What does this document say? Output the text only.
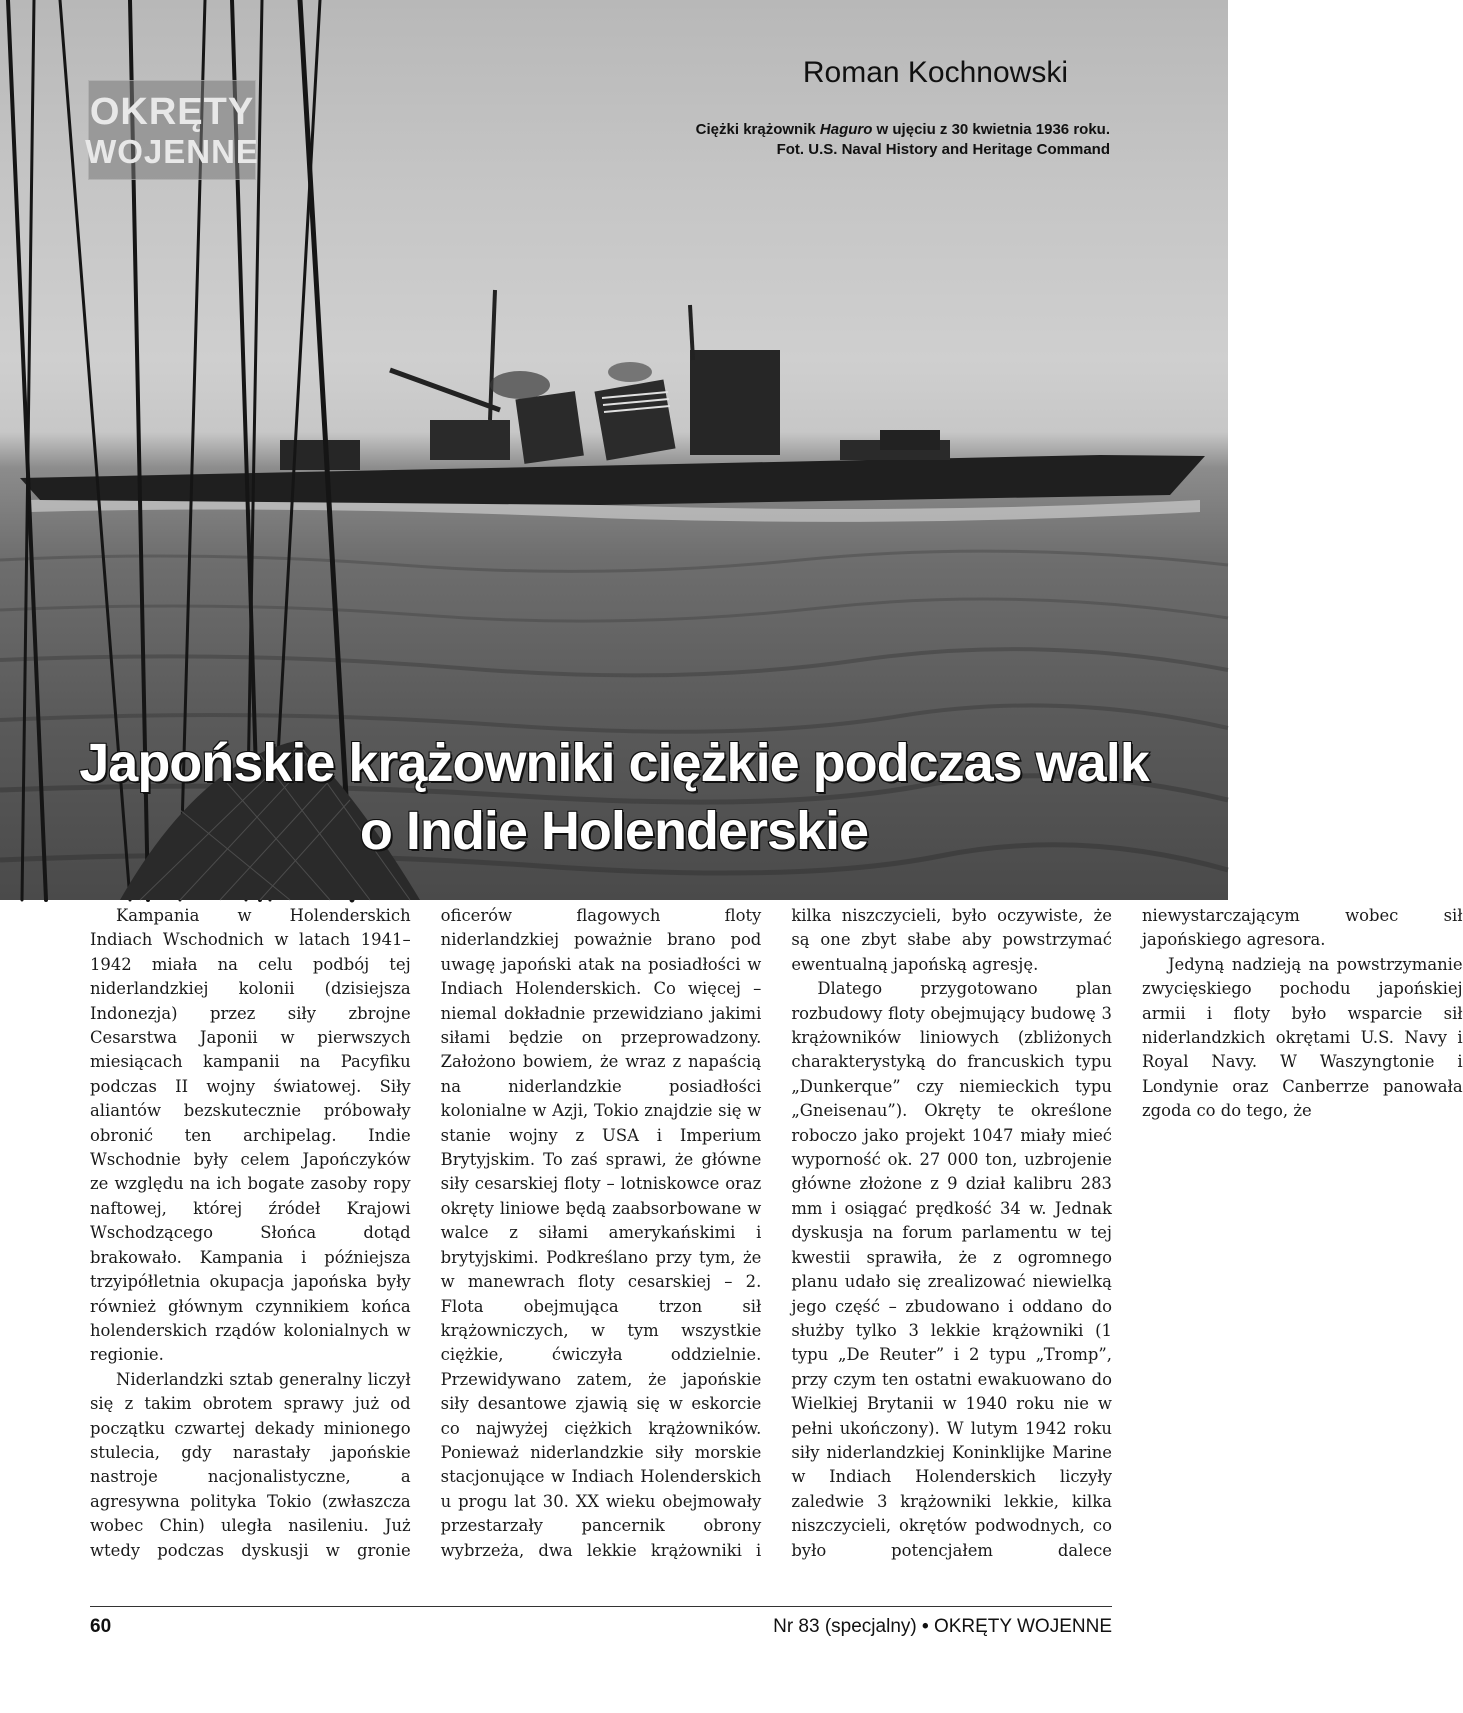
OKRĘTY
WOJENNE
Roman Kochnowski
Ciężki krążownik Haguro w ujęciu z 30 kwietnia 1936 roku.
Fot. U.S. Naval History and Heritage Command
Japońskie krążowniki ciężkie podczas walk
o Indie Holenderskie

Kampania w Holenderskich Indiach Wschodnich w latach 1941–1942 miała na celu podbój tej niderlandzkiej kolonii (dzisiejsza Indonezja) przez siły zbrojne Cesarstwa Japonii w pierwszych miesiącach kampanii na Pacyfiku podczas II wojny światowej. Siły aliantów bezskutecznie próbowały obronić ten archipelag. Indie Wschodnie były celem Japończyków ze względu na ich bogate zasoby ropy naftowej, której źródeł Krajowi Wschodzącego Słońca dotąd brakowało. Kampania i późniejsza trzyipółletnia okupacja japońska były również głównym czynnikiem końca holenderskich rządów kolonialnych w regionie.

Niderlandzki sztab generalny liczył się z takim obrotem sprawy już od początku czwartej dekady minionego stulecia, gdy narastały japońskie nastroje nacjonalistyczne, a agresywna polityka Tokio (zwłaszcza wobec Chin) uległa nasileniu. Już wtedy podczas dyskusji w gronie oficerów flagowych floty niderlandzkiej poważnie brano pod uwagę japoński atak na posiadłości w Indiach Holenderskich. Co więcej – niemal dokładnie przewidziano jakimi siłami będzie on przeprowadzony. Założono bowiem, że wraz z napaścią na niderlandzkie posiadłości kolonialne w Azji, Tokio znajdzie się w stanie wojny z USA i Imperium Brytyjskim. To zaś sprawi, że główne siły cesarskiej floty – lotniskowce oraz okręty liniowe będą zaabsorbowane w walce z siłami amerykańskimi i brytyjskimi. Podkreślano przy tym, że w manewrach floty cesarskiej – 2. Flota obejmująca trzon sił krążowniczych, w tym wszystkie ciężkie, ćwiczyła oddzielnie. Przewidywano zatem, że japońskie siły desantowe zjawią się w eskorcie co najwyżej ciężkich krążowników. Ponieważ niderlandzkie siły morskie stacjonujące w Indiach Holenderskich u progu lat 30. XX wieku obejmowały przestarzały pancernik obrony wybrzeża, dwa lekkie krążowniki i kilka niszczycieli, było oczywiste, że są one zbyt słabe aby powstrzymać ewentualną japońską agresję.

Dlatego przygotowano plan rozbudowy floty obejmujący budowę 3 krążowników liniowych (zbliżonych charakterystyką do francuskich typu „Dunkerque” czy niemieckich typu „Gneisenau”). Okręty te określone roboczo jako projekt 1047 miały mieć wyporność ok. 27 000 ton, uzbrojenie główne złożone z 9 dział kalibru 283 mm i osiągać prędkość 34 w. Jednak dyskusja na forum parlamentu w tej kwestii sprawiła, że z ogromnego planu udało się zrealizować niewielką jego część – zbudowano i oddano do służby tylko 3 lekkie krążowniki (1 typu „De Reuter” i 2 typu „Tromp”, przy czym ten ostatni ewakuowano do Wielkiej Brytanii w 1940 roku nie w pełni ukończony). W lutym 1942 roku siły niderlandzkiej Koninklijke Marine w Indiach Holenderskich liczyły zaledwie 3 krążowniki lekkie, kilka niszczycieli, okrętów podwodnych, co było potencjałem dalece niewystarczającym wobec sił japońskiego agresora.

Jedyną nadzieją na powstrzymanie zwycięskiego pochodu japońskiej armii i floty było wsparcie sił niderlandzkich okrętami U.S. Navy i Royal Navy. W Waszyngtonie i Londynie oraz Canberrze panowała zgoda co do tego, że

60	Nr 83 (specjalny) • OKRĘTY WOJENNE
